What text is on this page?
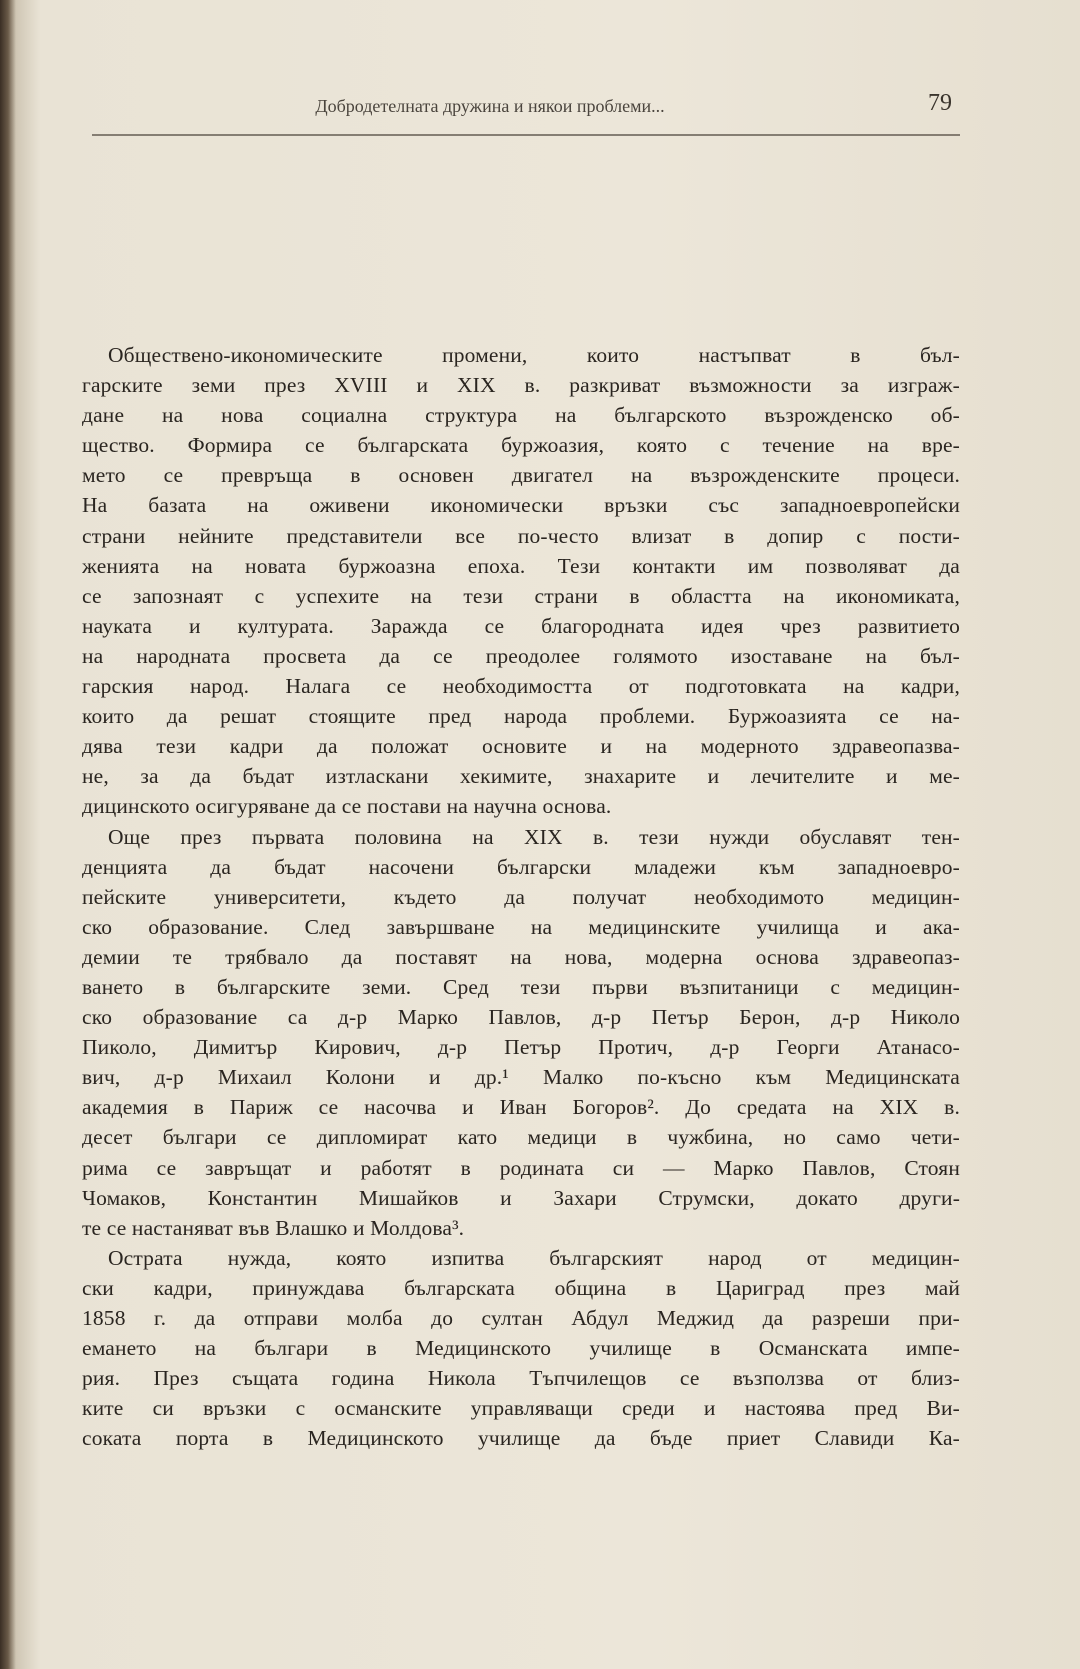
Добродетелната дружина и някои проблеми...	79
Обществено-икономическите промени, които настъпват в бъл-
гарските земи през XVIII и XIX в. разкриват възможности за изграж-
дане на нова социална структура на българското възрожденско об-
щество. Формира се българската буржоазия, която с течение на вре-
мето се превръща в основен двигател на възрожденските процеси.
На базата на оживени икономически връзки със западноевропейски
страни нейните представители все по-често влизат в допир с пости-
женията на новата буржоазна епоха. Тези контакти им позволяват да
се запознаят с успехите на тези страни в областта на икономиката,
науката и културата. Заражда се благородната идея чрез развитието
на народната просвета да се преодолее голямото изоставане на бъл-
гарския народ. Налага се необходимостта от подготовката на кадри,
които да решат стоящите пред народа проблеми. Буржоазията се на-
дява тези кадри да положат основите и на модерното здравеопазва-
не, за да бъдат изтласкани хекимите, знахарите и лечителите и ме-
дицинското осигуряване да се постави на научна основа.
Още през първата половина на XIX в. тези нужди обуславят тен-
денцията да бъдат насочени български младежи към западноевро-
пейските университети, където да получат необходимото медицин-
ско образование. След завършване на медицинските училища и ака-
демии те трябвало да поставят на нова, модерна основа здравеопаз-
ването в българските земи. Сред тези първи възпитаници с медицин-
ско образование са д-р Марко Павлов, д-р Петър Берон, д-р Николо
Пиколо, Димитър Кирович, д-р Петър Протич, д-р Георги Атанасо-
вич, д-р Михаил Колони и др.¹ Малко по-късно към Медицинската
академия в Париж се насочва и Иван Богоров². До средата на XIX в.
десет българи се дипломират като медици в чужбина, но само чети-
рима се завръщат и работят в родината си — Марко Павлов, Стоян
Чомаков, Константин Мишайков и Захари Струмски, докато други-
те се настаняват във Влашко и Молдова³.
Острата нужда, която изпитва българският народ от медицин-
ски кадри, принуждава българската община в Цариград през май
1858 г. да отправи молба до султан Абдул Меджид да разреши при-
емането на българи в Медицинското училище в Османската импе-
рия. През същата година Никола Тъпчилещов се възползва от близ-
ките си връзки с османските управляващи среди и настоява пред Ви-
соката порта в Медицинското училище да бъде приет Славиди Ка-
